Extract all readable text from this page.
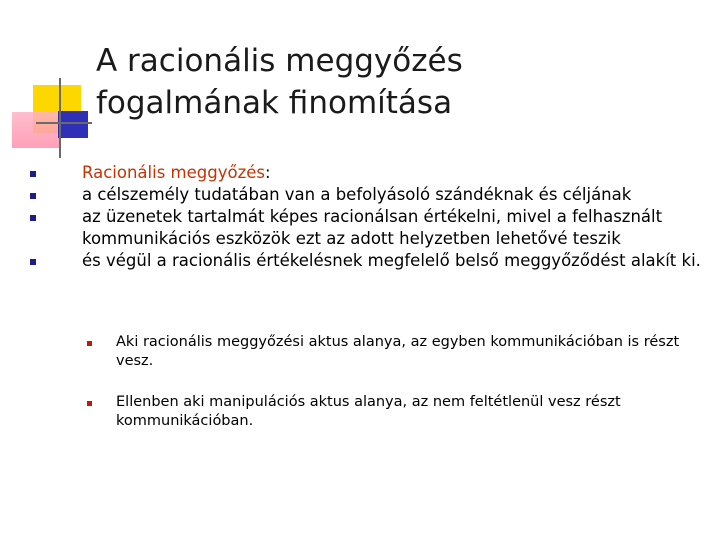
A racionális meggyőzés
fogalmának finomítása
Racionális meggyőzés:
a célszemély tudatában van a befolyásoló szándéknak és céljának
az üzenetek tartalmát képes racionálsan értékelni, mivel a felhasznált kommunikációs eszközök ezt az adott helyzetben lehetővé teszik
és végül a racionális értékelésnek megfelelő belső meggyőződést alakít ki.
Aki racionális meggyőzési aktus alanya, az egyben kommunikációban is részt vesz.
Ellenben aki manipulációs aktus alanya, az nem feltétlenül vesz részt kommunikációban.
